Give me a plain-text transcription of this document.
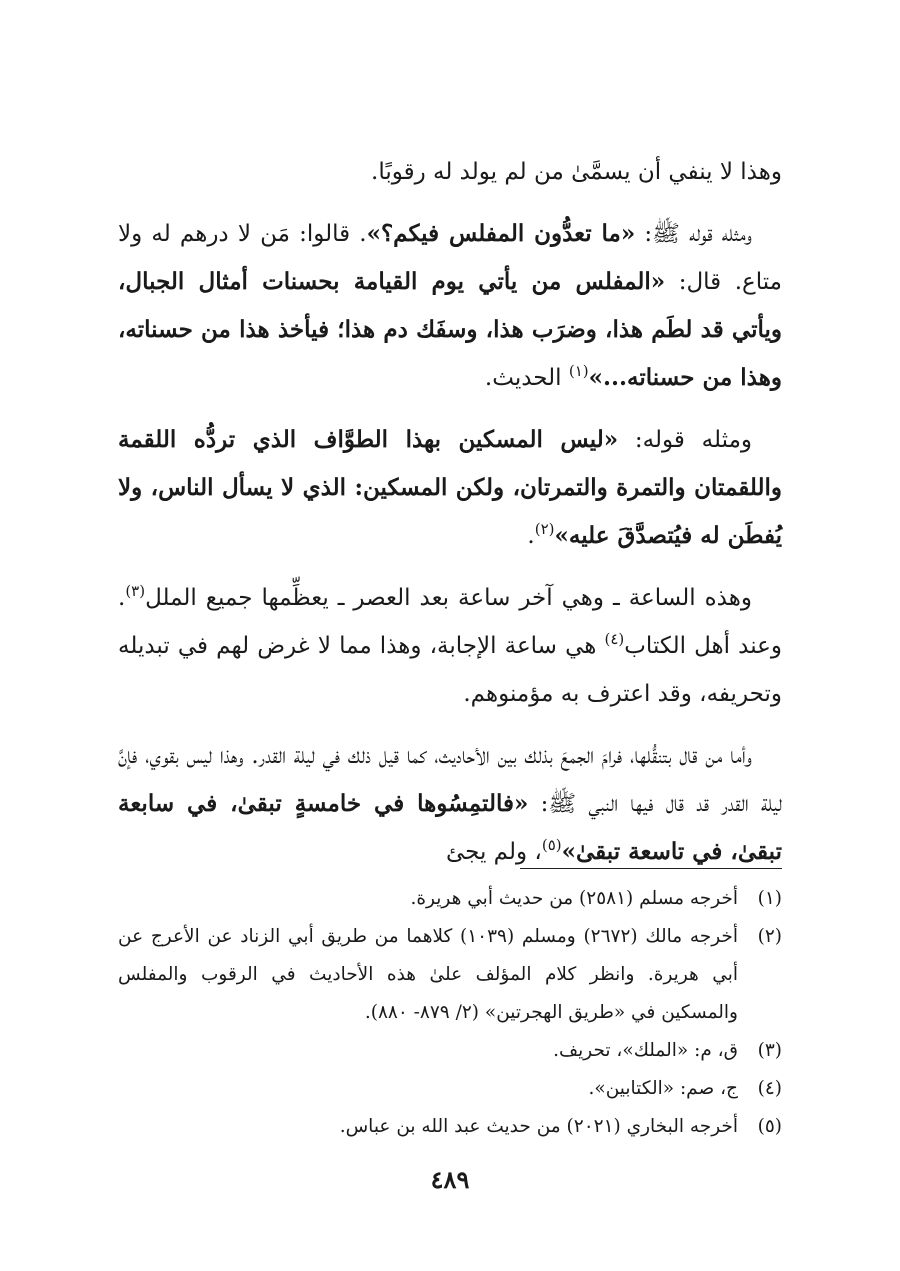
وهذا لا ينفي أن يسمَّىٰ من لم يولد له رقوبًا.

ومثله قوله ﷺ: «ما تعدُّون المفلس فيكم؟». قالوا: مَن لا درهم له ولا متاع. قال: «المفلس من يأتي يوم القيامة بحسنات أمثال الجبال، ويأتي قد لطَم هذا، وضرَب هذا، وسفَك دم هذا؛ فيأخذ هذا من حسناته، وهذا من حسناته...»$^{(١)}$ الحديث.

ومثله قوله: «ليس المسكين بهذا الطوَّاف الذي تردُّه اللقمة واللقمتان والتمرة والتمرتان، ولكن المسكين: الذي لا يسأل الناس، ولا يُفطَن له فيُتصدَّقَ عليه»$^{(٢)}$.

وهذه الساعة ـ وهي آخر ساعة بعد العصر ـ يعظِّمها جميع الملل$^{(٣)}$. وعند أهل الكتاب$^{(٤)}$ هي ساعة الإجابة، وهذا مما لا غرض لهم في تبديله وتحريفه، وقد اعترف به مؤمنوهم.

وأما من قال بتنقُّلها، فرامَ الجمعَ بذلك بين الأحاديث، كما قيل ذلك في ليلة القدر. وهذا ليس بقوي، فإنَّ ليلة القدر قد قال فيها النبي ﷺ: «فالتمِسُوها في خامسةٍ تبقىٰ، في سابعة تبقىٰ، في تاسعة تبقىٰ»$^{(٥)}$، ولم يجئ

(١)
أخرجه مسلم (٢٥٨١) من حديث أبي هريرة.
(٢)
أخرجه مالك (٢٦٧٢) ومسلم (١٠٣٩) كلاهما من طريق أبي الزناد عن الأعرج عن أبي هريرة. وانظر كلام المؤلف علىٰ هذه الأحاديث في الرقوب والمفلس والمسكين في «طريق الهجرتين» (٢/ ٨٧٩- ٨٨٠).
(٣)
ق، م: «الملك»، تحريف.
(٤)
ج، صم: «الكتابين».
(٥)
أخرجه البخاري (٢٠٢١) من حديث عبد الله بن عباس.
٤٨٩
